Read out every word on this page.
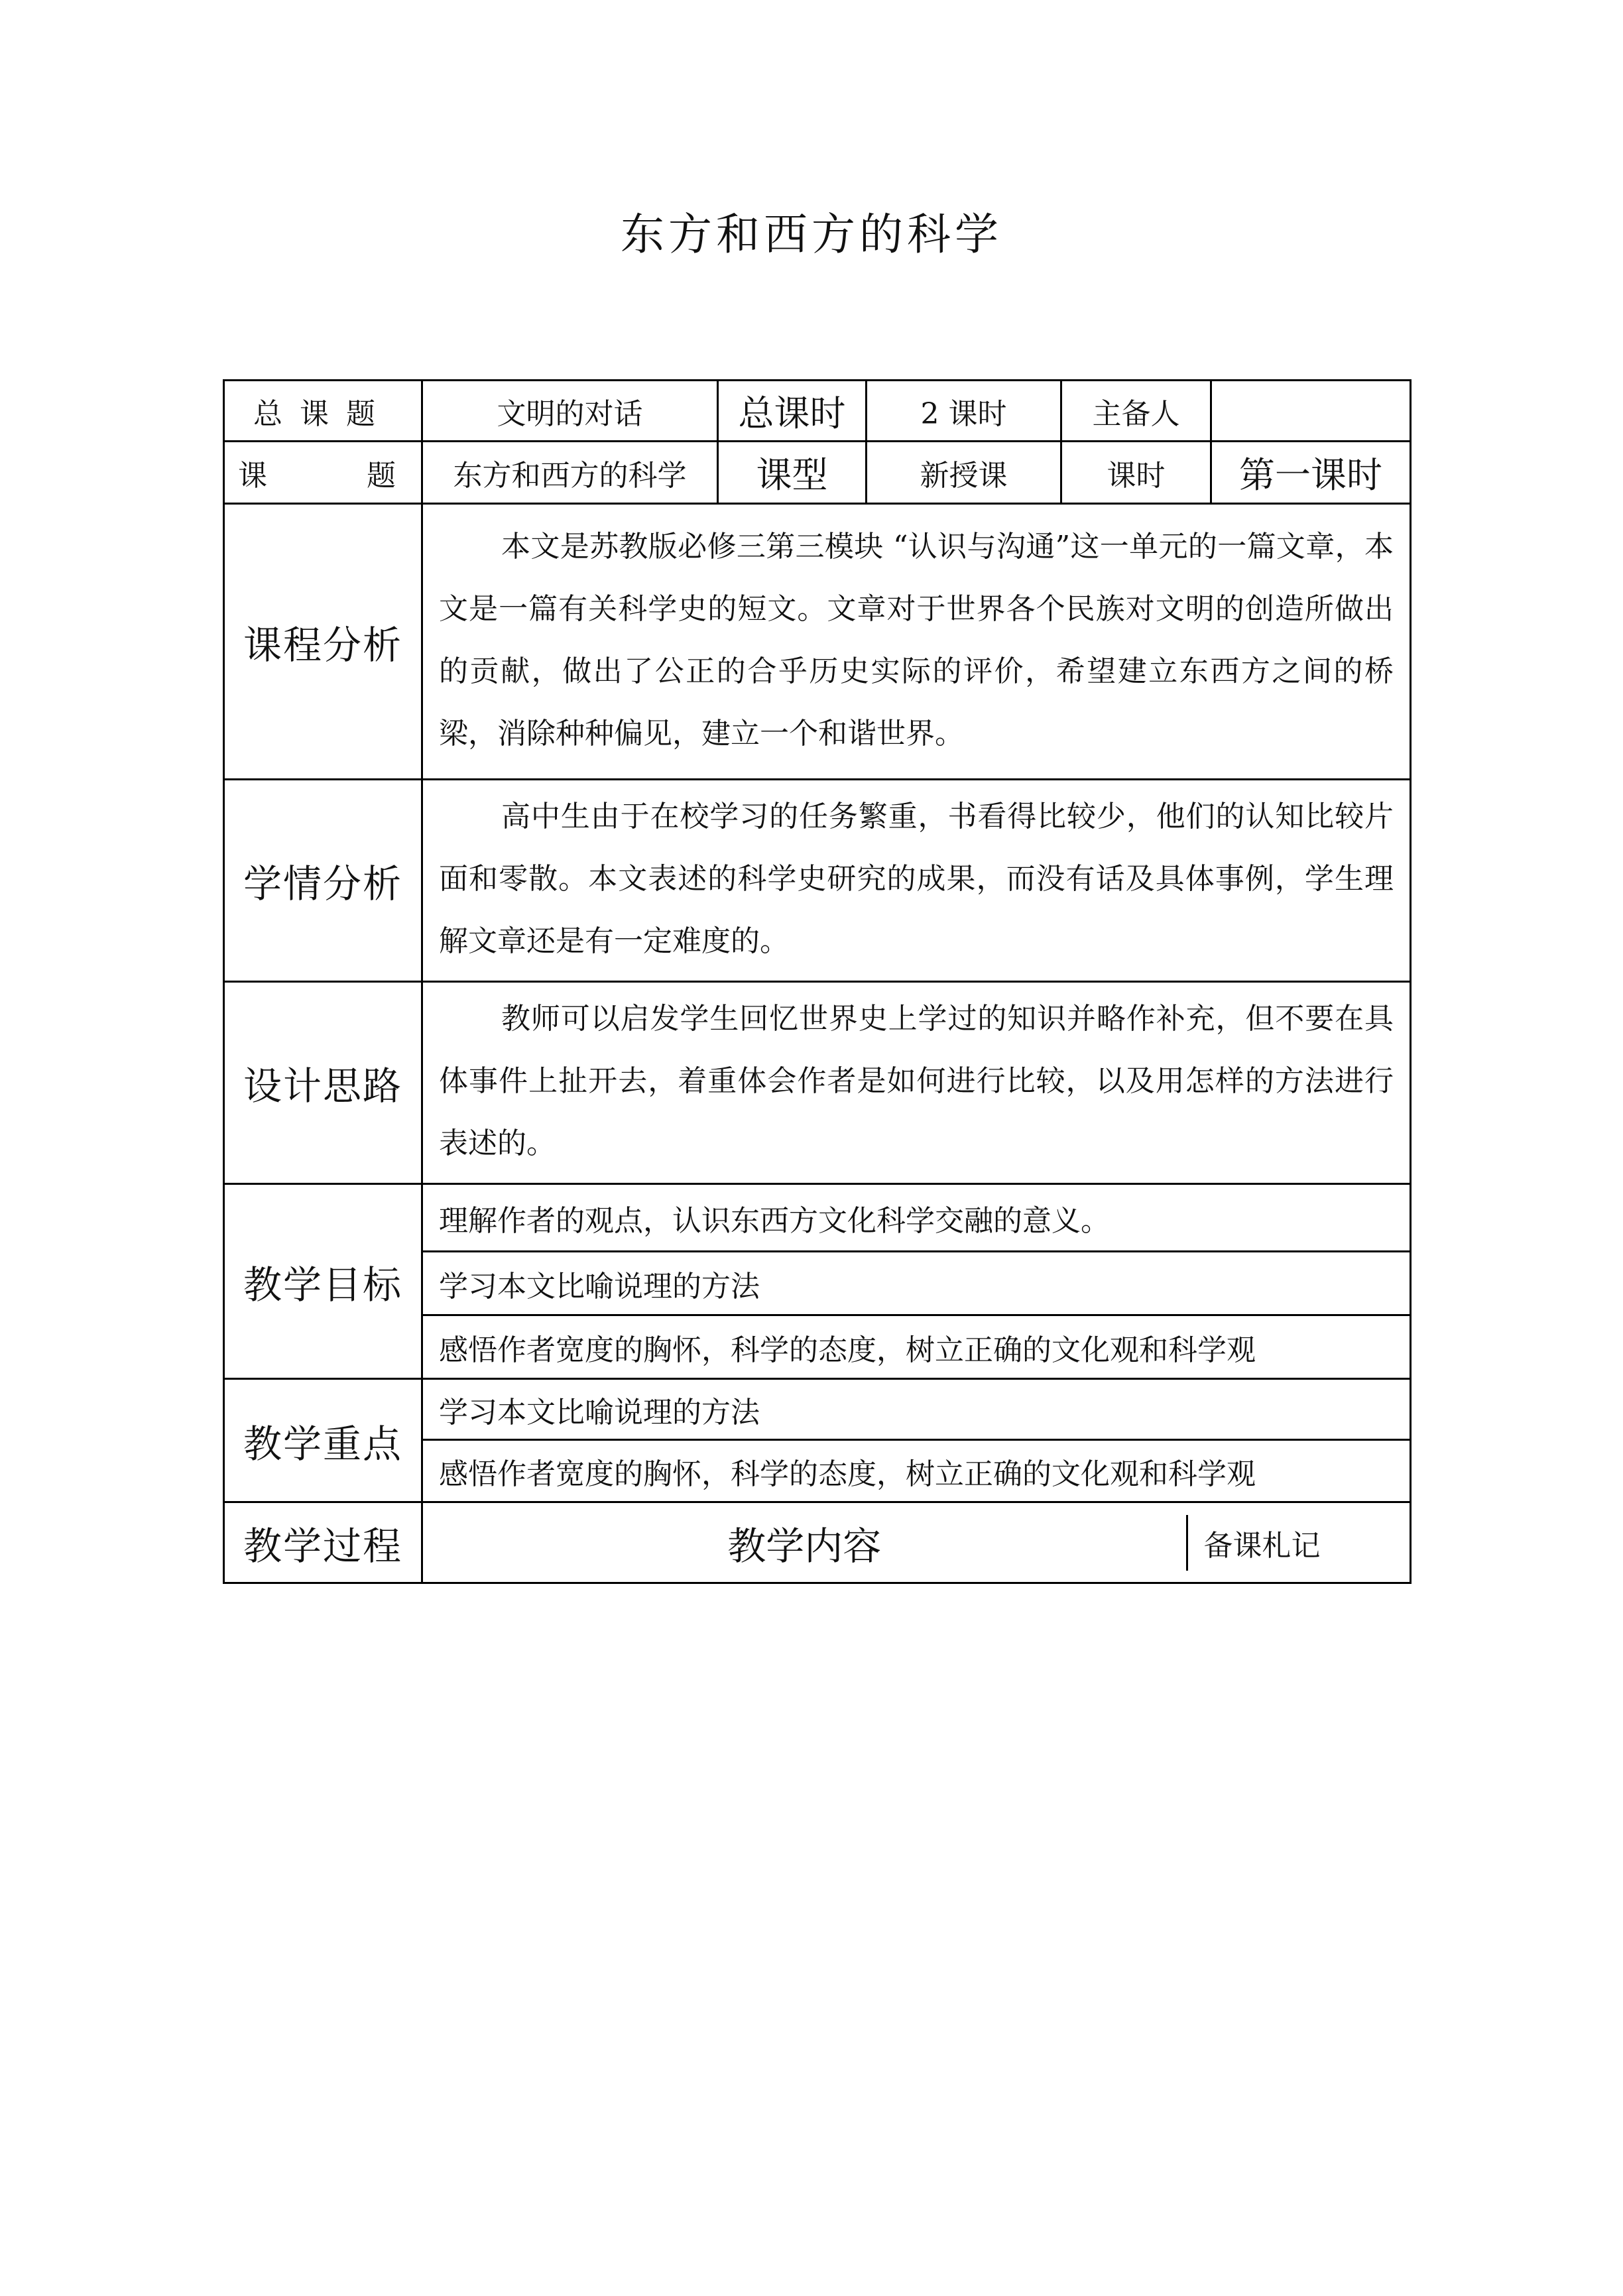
东方和西方的科学
总课题	文明的对话	总课时	2 课时	主备人	
课题	东方和西方的科学	课型	新授课	课时	第一课时
课程分析	本文是苏教版必修三第三模块 “认识与沟通”这一单元的一篇文章，本文是一篇有关科学史的短文。文章对于世界各个民族对文明的创造所做出的贡献，做出了公正的合乎历史实际的评价，希望建立东西方之间的桥梁，消除种种偏见，建立一个和谐世界。
学情分析	高中生由于在校学习的任务繁重，书看得比较少，他们的认知比较片面和零散。本文表述的科学史研究的成果，而没有话及具体事例，学生理解文章还是有一定难度的。
设计思路	教师可以启发学生回忆世界史上学过的知识并略作补充，但不要在具体事件上扯开去，着重体会作者是如何进行比较，以及用怎样的方法进行表述的。
教学目标	理解作者的观点，认识东西方文化科学交融的意义。
学习本文比喻说理的方法
感悟作者宽度的胸怀，科学的态度，树立正确的文化观和科学观
教学重点	学习本文比喻说理的方法
感悟作者宽度的胸怀，科学的态度，树立正确的文化观和科学观
教学过程		教学内容	备课札记
